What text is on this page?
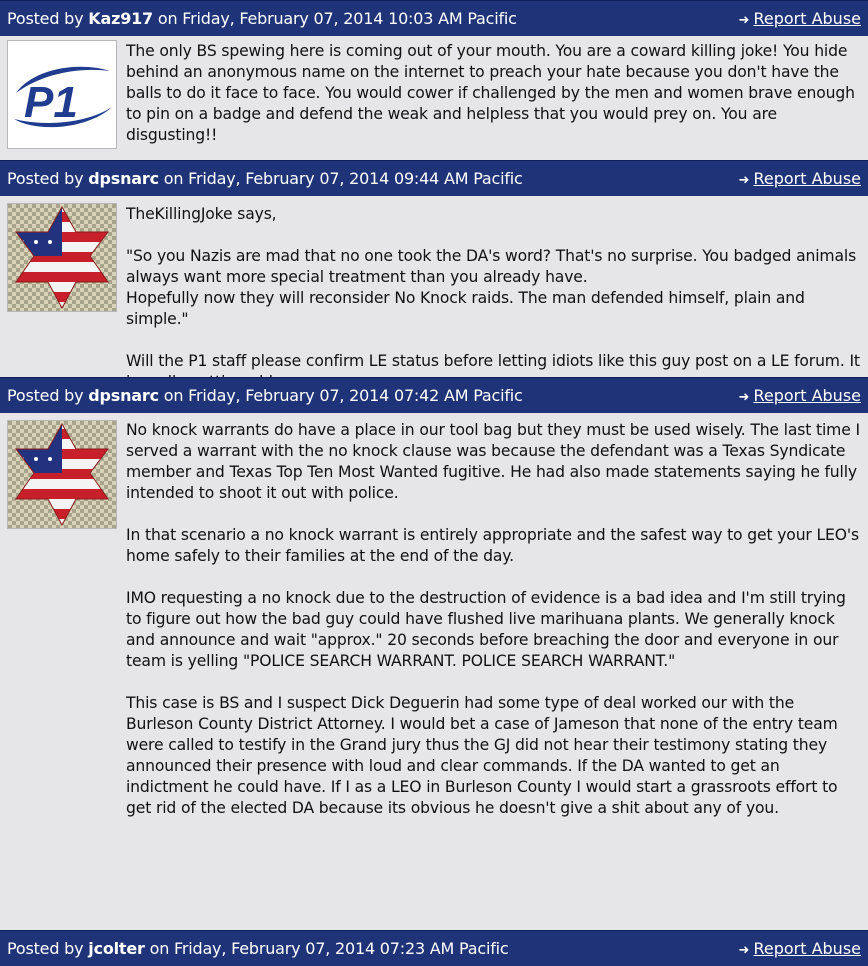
Posted by Kaz917 on Friday, February 07, 2014 10:03 AM Pacific	➜ Report Abuse
P1

The only BS spewing here is coming out of your mouth. You are a coward killing joke! You hide behind an anonymous name on the internet to preach your hate because you don't have the balls to do it face to face. You would cower if challenged by the men and women brave enough to pin on a badge and defend the weak and helpless that you would prey on. You are disgusting!!

Posted by dpsnarc on Friday, February 07, 2014 09:44 AM Pacific	➜ Report Abuse

TheKillingJoke says,

"So you Nazis are mad that no one took the DA's word? That's no surprise. You badged animals always want more special treatment than you already have.
Hopefully now they will reconsider No Knock raids. The man defended himself, plain and simple."

Will the P1 staff please confirm LE status before letting idiots like this guy post on a LE forum. It

Posted by dpsnarc on Friday, February 07, 2014 07:42 AM Pacific	➜ Report Abuse

No knock warrants do have a place in our tool bag but they must be used wisely. The last time I served a warrant with the no knock clause was because the defendant was a Texas Syndicate member and Texas Top Ten Most Wanted fugitive. He had also made statements saying he fully intended to shoot it out with police.

In that scenario a no knock warrant is entirely appropriate and the safest way to get your LEO's home safely to their families at the end of the day.

IMO requesting a no knock due to the destruction of evidence is a bad idea and I'm still trying to figure out how the bad guy could have flushed live marihuana plants. We generally knock and announce and wait "approx." 20 seconds before breaching the door and everyone in our team is yelling "POLICE SEARCH WARRANT. POLICE SEARCH WARRANT."

This case is BS and I suspect Dick Deguerin had some type of deal worked our with the Burleson County District Attorney. I would bet a case of Jameson that none of the entry team were called to testify in the Grand jury thus the GJ did not hear their testimony stating they announced their presence with loud and clear commands. If the DA wanted to get an indictment he could have. If I as a LEO in Burleson County I would start a grassroots effort to get rid of the elected DA because its obvious he doesn't give a shit about any of you.

Posted by jcolter on Friday, February 07, 2014 07:23 AM Pacific	➜ Report Abuse
